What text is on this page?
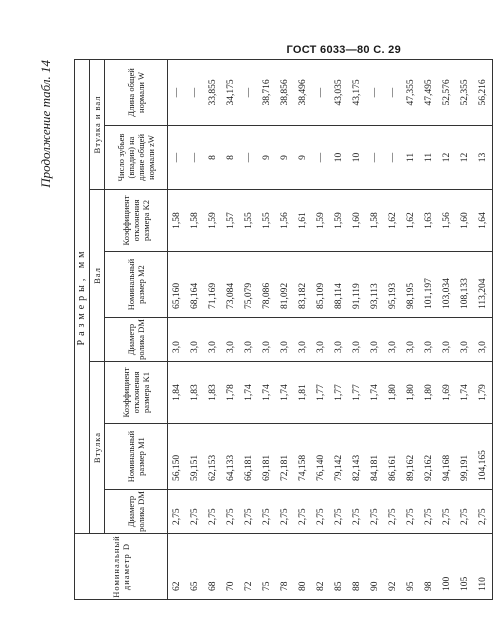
ГОСТ 6033—80 С. 29
Продолжение табл. 14
Номинальный диаметр D	Размеры, мм							
	Втулка			Вал			Втулка и вал	
	Диаметр ролика DM	Номинальный размер M1	Коэффициент отклонения размера K1	Диаметр ролика DM	Номинальный размер M2	Коэффициент отклонения размера K2	Число зубьев (впадин) на длине общей нормали zW	Длина общей нормали W
62	2,75	56,150	1,84	3,0	65,160	1,58	—	—
65	2,75	59,151	1,83	3,0	68,164	1,58	—	—
68	2,75	62,153	1,83	3,0	71,169	1,59	8	33,855
70	2,75	64,133	1,78	3,0	73,084	1,57	8	34,175
72	2,75	66,181	1,74	3,0	75,079	1,55	—	—
75	2,75	69,181	1,74	3,0	78,086	1,55	9	38,716
78	2,75	72,181	1,74	3,0	81,092	1,56	9	38,856
80	2,75	74,158	1,81	3,0	83,182	1,61	9	38,496
82	2,75	76,140	1,77	3,0	85,109	1,59	—	—
85	2,75	79,142	1,77	3,0	88,114	1,59	10	43,035
88	2,75	82,143	1,77	3,0	91,119	1,60	10	43,175
90	2,75	84,181	1,74	3,0	93,113	1,58	—	—
92	2,75	86,161	1,80	3,0	95,193	1,62	—	—
95	2,75	89,162	1,80	3,0	98,195	1,62	11	47,355
98	2,75	92,162	1,80	3,0	101,197	1,63	11	47,495
100	2,75	94,168	1,69	3,0	103,034	1,56	12	52,576
105	2,75	99,191	1,74	3,0	108,133	1,60	12	52,355
110	2,75	104,165	1,79	3,0	113,204	1,64	13	56,216
